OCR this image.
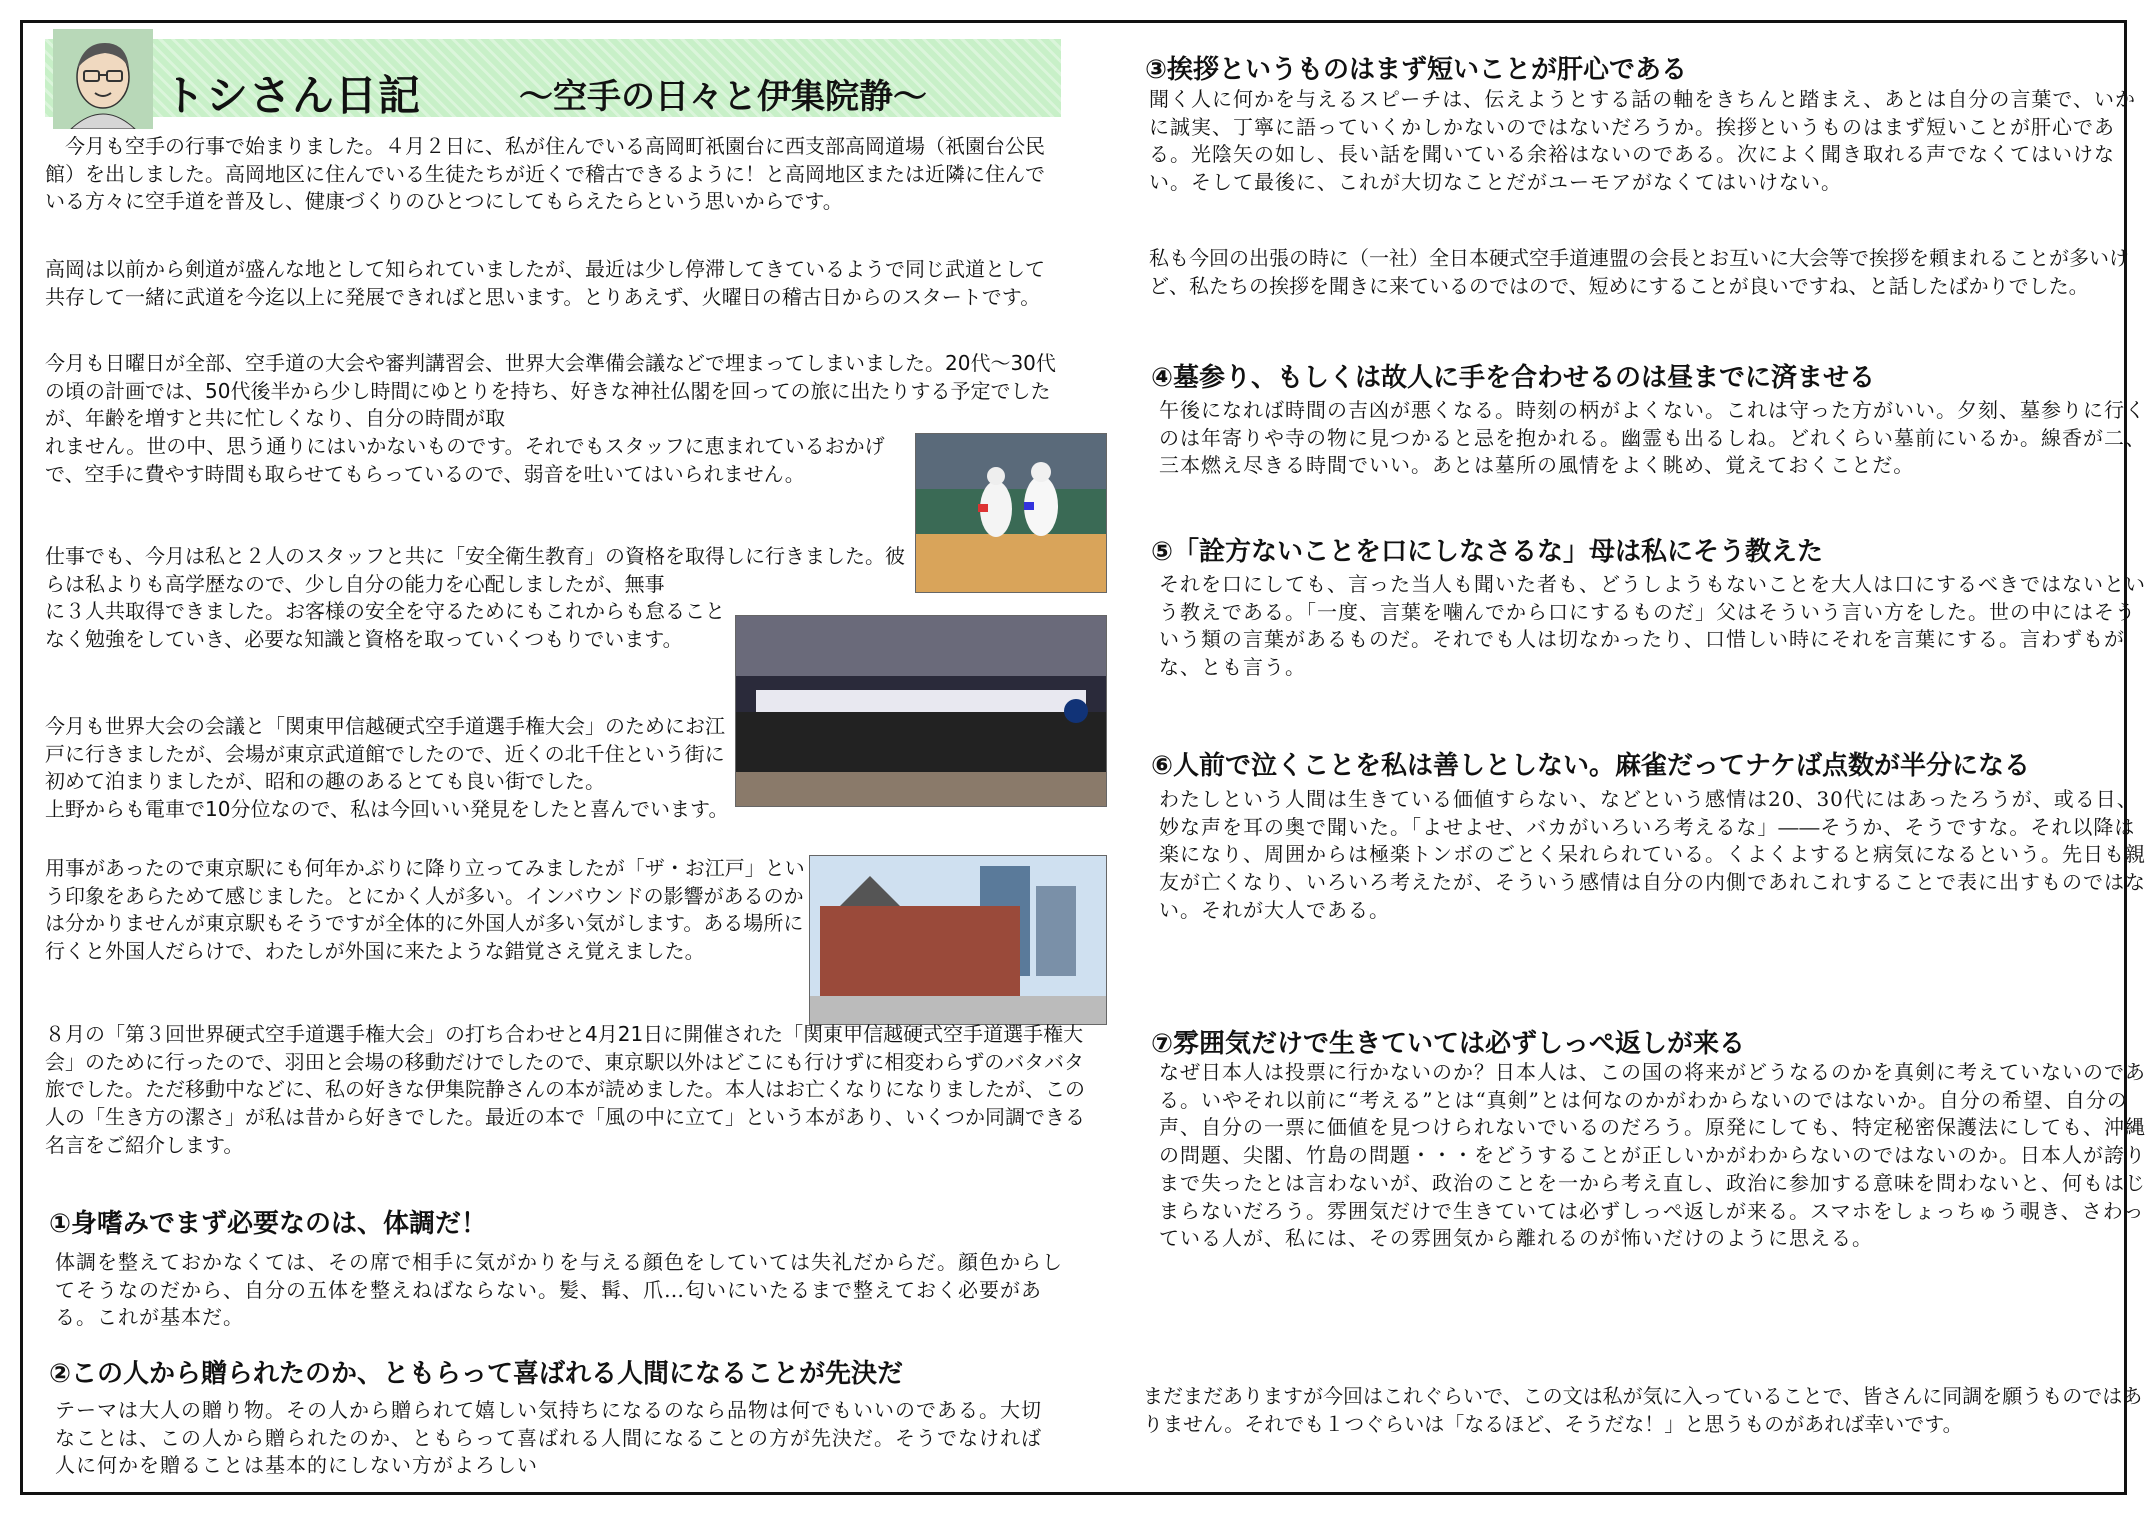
トシさん日記	～空手の日々と伊集院静～

　今月も空手の行事で始まりました。４月２日に、私が住んでいる高岡町祇園台に西支部高岡道場（祇園台公民館）を出しました。高岡地区に住んでいる生徒たちが近くで稽古できるように！と高岡地区または近隣に住んでいる方々に空手道を普及し、健康づくりのひとつにしてもらえたらという思いからです。

高岡は以前から剣道が盛んな地として知られていましたが、最近は少し停滞してきているようで同じ武道として共存して一緒に武道を今迄以上に発展できればと思います。とりあえず、火曜日の稽古日からのスタートです。

今月も日曜日が全部、空手道の大会や審判講習会、世界大会準備会議などで埋まってしまいました。20代～30代の頃の計画では、50代後半から少し時間にゆとりを持ち、好きな神社仏閣を回っての旅に出たりする予定でしたが、年齢を増すと共に忙しくなり、自分の時間が取

れません。世の中、思う通りにはいかないものです。それでもスタッフに恵まれているおかげで、空手に費やす時間も取らせてもらっているので、弱音を吐いてはいられません。

仕事でも、今月は私と２人のスタッフと共に「安全衛生教育」の資格を取得しに行きました。彼らは私よりも高学歴なので、少し自分の能力を心配しましたが、無事

に３人共取得できました。お客様の安全を守るためにもこれからも怠ることなく勉強をしていき、必要な知識と資格を取っていくつもりでいます。

今月も世界大会の会議と「関東甲信越硬式空手道選手権大会」のためにお江戸に行きましたが、会場が東京武道館でしたので、近くの北千住という街に初めて泊まりましたが、昭和の趣のあるとても良い街でした。

上野からも電車で10分位なので、私は今回いい発見をしたと喜んでいます。

用事があったので東京駅にも何年かぶりに降り立ってみましたが「ザ・お江戸」という印象をあらためて感じました。とにかく人が多い。インバウンドの影響があるのかは分かりませんが東京駅もそうですが全体的に外国人が多い気がします。ある場所に行くと外国人だらけで、わたしが外国に来たような錯覚さえ覚えました。

８月の「第３回世界硬式空手道選手権大会」の打ち合わせと4月21日に開催された「関東甲信越硬式空手道選手権大会」のために行ったので、羽田と会場の移動だけでしたので、東京駅以外はどこにも行けずに相変わらずのバタバタ旅でした。ただ移動中などに、私の好きな伊集院静さんの本が読めました。本人はお亡くなりになりましたが、この人の「生き方の潔さ」が私は昔から好きでした。最近の本で「風の中に立て」という本があり、いくつか同調できる名言をご紹介します。

①身嗜みでまず必要なのは、体調だ！

体調を整えておかなくては、その席で相手に気がかりを与える顔色をしていては失礼だからだ。顔色からしてそうなのだから、自分の五体を整えねばならない。髪、髯、爪…匂いにいたるまで整えておく必要がある。これが基本だ。

②この人から贈られたのか、ともらって喜ばれる人間になることが先決だ

テーマは大人の贈り物。その人から贈られて嬉しい気持ちになるのなら品物は何でもいいのである。大切なことは、この人から贈られたのか、ともらって喜ばれる人間になることの方が先決だ。そうでなければ人に何かを贈ることは基本的にしない方がよろしい

③挨拶というものはまず短いことが肝心である

聞く人に何かを与えるスピーチは、伝えようとする話の軸をきちんと踏まえ、あとは自分の言葉で、いかに誠実、丁寧に語っていくかしかないのではないだろうか。挨拶というものはまず短いことが肝心である。光陰矢の如し、長い話を聞いている余裕はないのである。次によく聞き取れる声でなくてはいけない。そして最後に、これが大切なことだがユーモアがなくてはいけない。

私も今回の出張の時に（一社）全日本硬式空手道連盟の会長とお互いに大会等で挨拶を頼まれることが多いけど、私たちの挨拶を聞きに来ているのではので、短めにすることが良いですね、と話したばかりでした。

④墓参り、もしくは故人に手を合わせるのは昼までに済ませる

午後になれば時間の吉凶が悪くなる。時刻の柄がよくない。これは守った方がいい。夕刻、墓参りに行くのは年寄りや寺の物に見つかると忌を抱かれる。幽霊も出るしね。どれくらい墓前にいるか。線香が二、三本燃え尽きる時間でいい。あとは墓所の風情をよく眺め、覚えておくことだ。

⑤「詮方ないことを口にしなさるな」母は私にそう教えた

それを口にしても、言った当人も聞いた者も、どうしようもないことを大人は口にするべきではないという教えである。「一度、言葉を噛んでから口にするものだ」父はそういう言い方をした。世の中にはそういう類の言葉があるものだ。それでも人は切なかったり、口惜しい時にそれを言葉にする。言わずもがな、とも言う。

⑥人前で泣くことを私は善しとしない。麻雀だってナケば点数が半分になる

わたしという人間は生きている価値すらない、などという感情は20、30代にはあったろうが、或る日、妙な声を耳の奥で聞いた。「よせよせ、バカがいろいろ考えるな」――そうか、そうですな。それ以降は楽になり、周囲からは極楽トンボのごとく呆れられている。くよくよすると病気になるという。先日も親友が亡くなり、いろいろ考えたが、そういう感情は自分の内側であれこれすることで表に出すものではない。それが大人である。

⑦雰囲気だけで生きていては必ずしっぺ返しが来る

なぜ日本人は投票に行かないのか？日本人は、この国の将来がどうなるのかを真剣に考えていないのである。いやそれ以前に“考える”とは“真剣”とは何なのかがわからないのではないか。自分の希望、自分の声、自分の一票に価値を見つけられないでいるのだろう。原発にしても、特定秘密保護法にしても、沖縄の問題、尖閣、竹島の問題・・・をどうすることが正しいかがわからないのではないのか。日本人が誇りまで失ったとは言わないが、政治のことを一から考え直し、政治に参加する意味を問わないと、何もはじまらないだろう。雰囲気だけで生きていては必ずしっぺ返しが来る。スマホをしょっちゅう覗き、さわっている人が、私には、その雰囲気から離れるのが怖いだけのように思える。

まだまだありますが今回はこれぐらいで、この文は私が気に入っていることで、皆さんに同調を願うものではありません。それでも１つぐらいは「なるほど、そうだな！」と思うものがあれば幸いです。
